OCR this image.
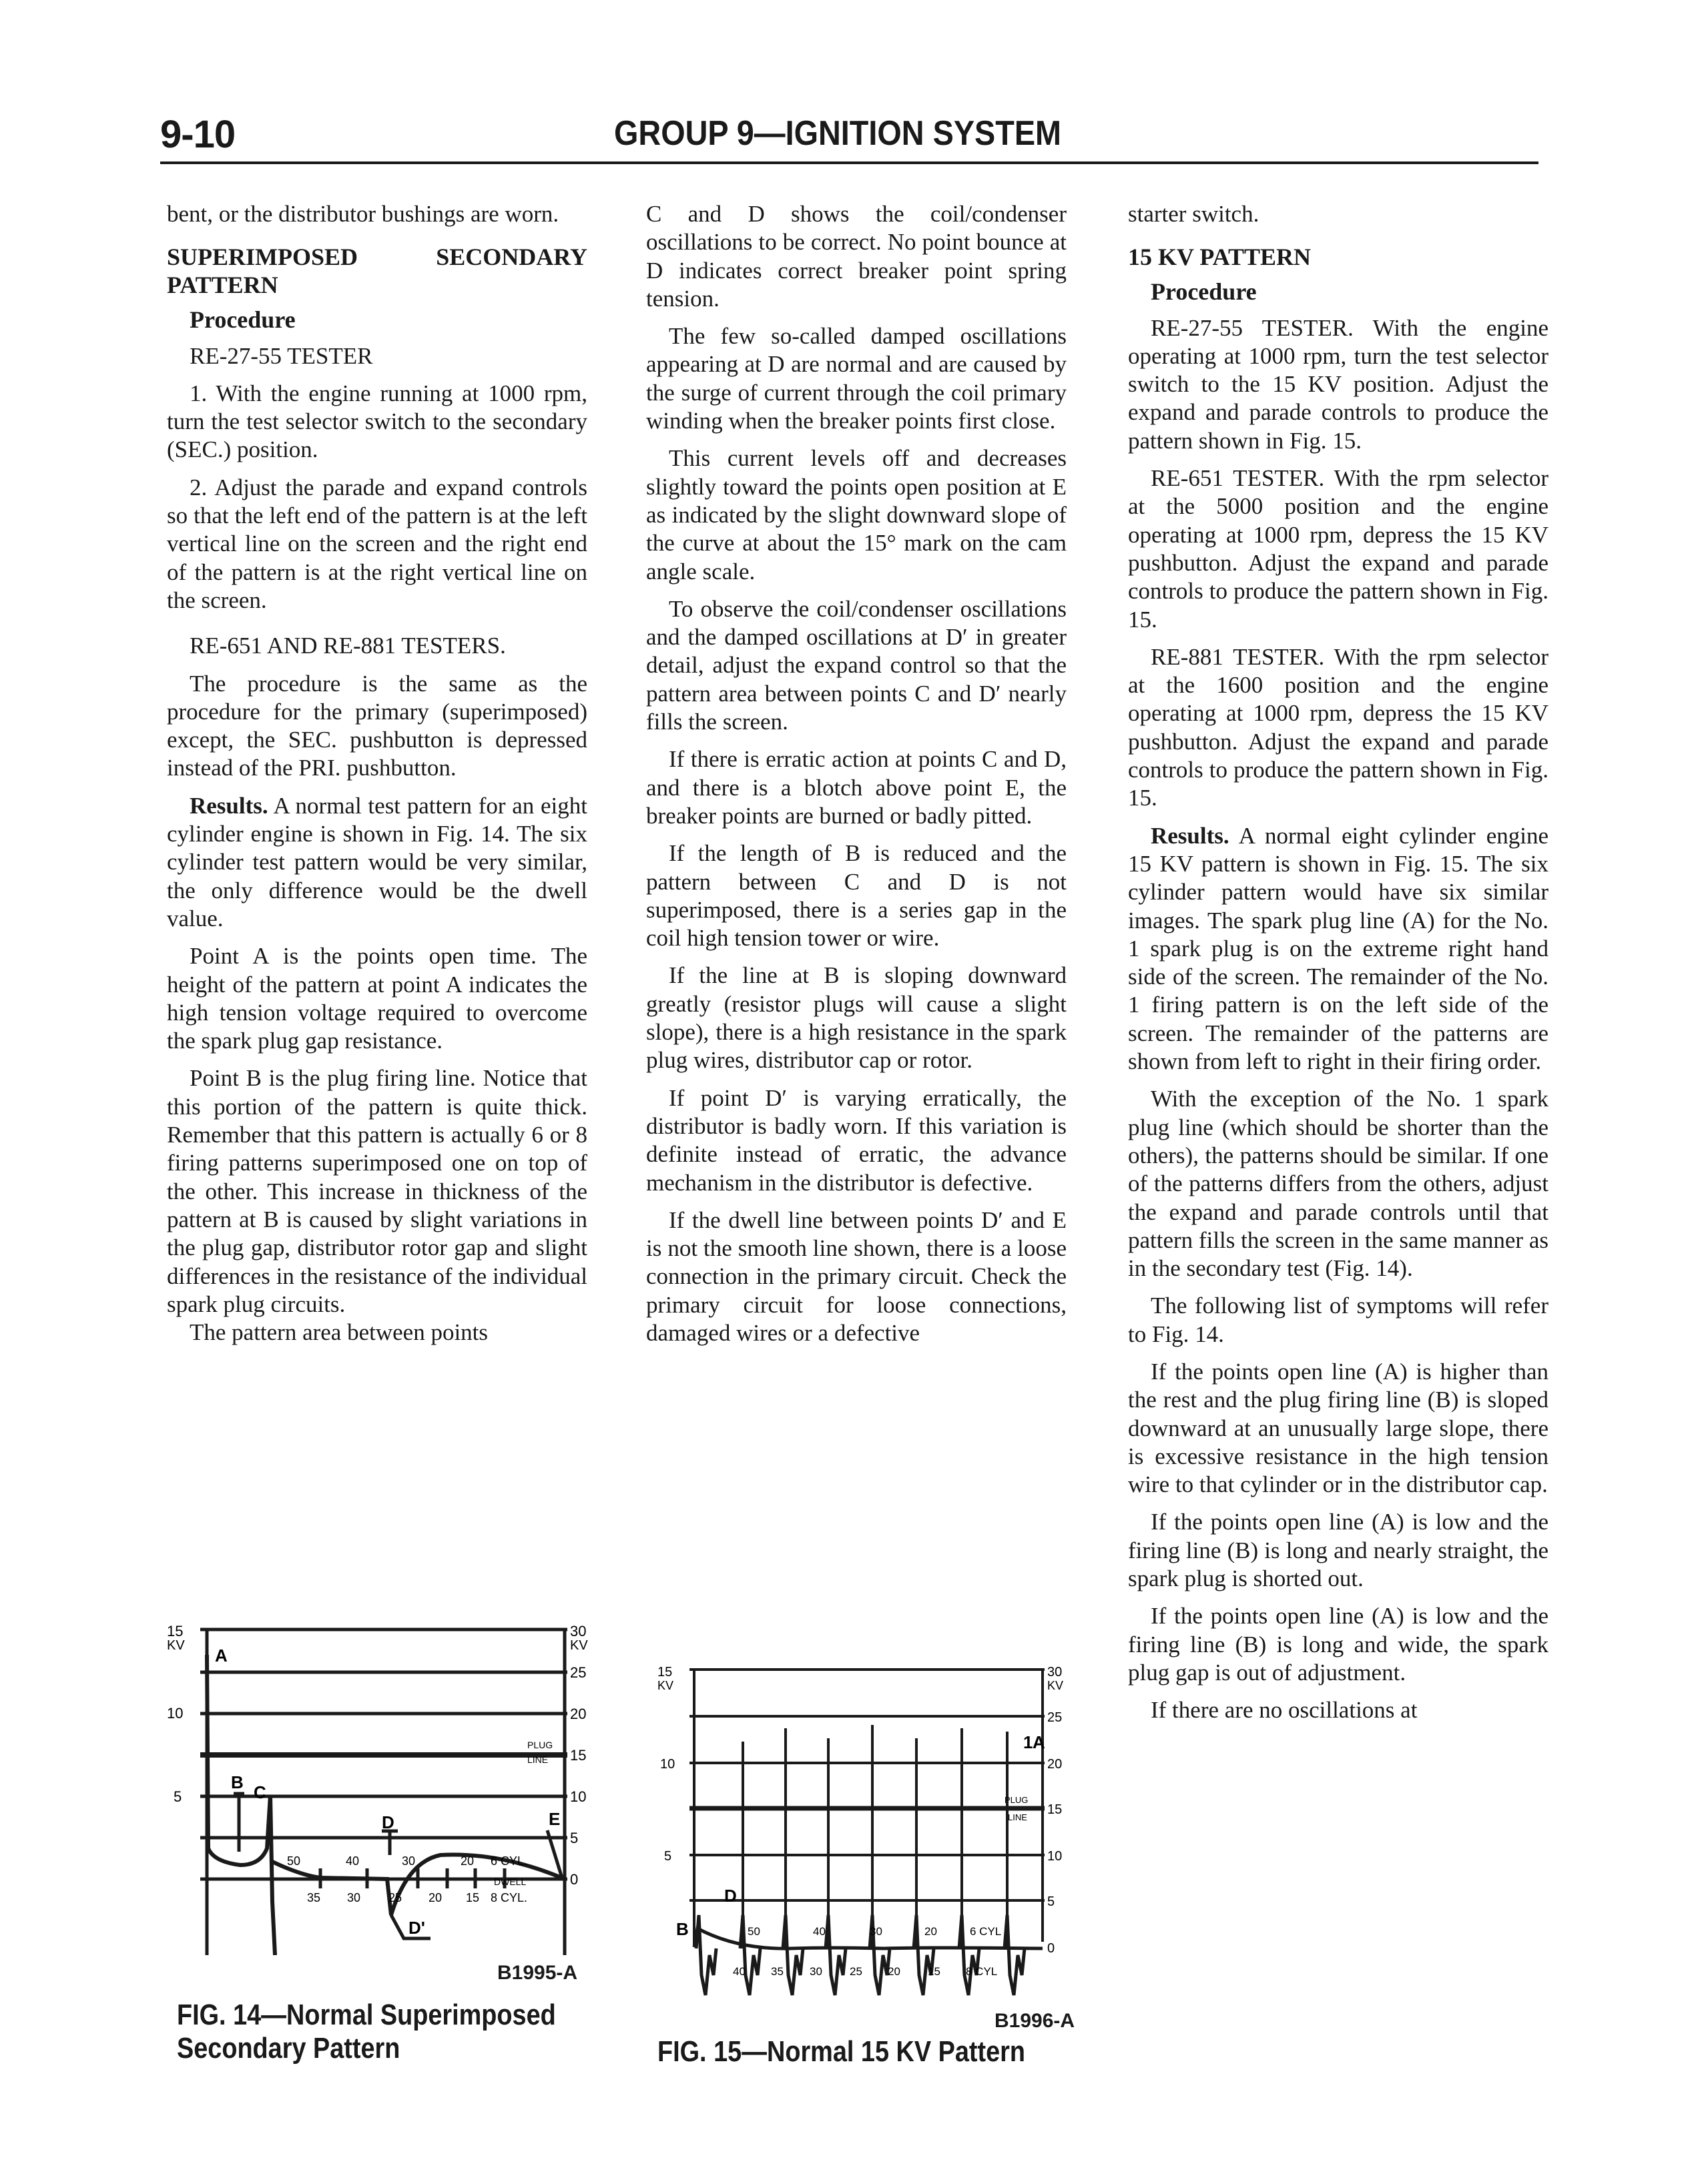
9-10	GROUP 9—IGNITION SYSTEM

bent, or the distributor bushings are worn.

SUPERIMPOSED SECONDARY PATTERN
Procedure

RE-27-55 TESTER

1. With the engine running at 1000 rpm, turn the test selector switch to the secondary (SEC.) position.

2. Adjust the parade and expand controls so that the left end of the pattern is at the left vertical line on the screen and the right end of the pattern is at the right vertical line on the screen.

RE-651 AND RE-881 TESTERS.

The procedure is the same as the procedure for the primary (superimposed) except, the SEC. pushbutton is depressed instead of the PRI. pushbutton.

Results. A normal test pattern for an eight cylinder engine is shown in Fig. 14. The six cylinder test pattern would be very similar, the only difference would be the dwell value.

Point A is the points open time. The height of the pattern at point A indicates the high tension voltage required to overcome the spark plug gap resistance.

Point B is the plug firing line. Notice that this portion of the pattern is quite thick. Remember that this pattern is actually 6 or 8 firing patterns superimposed one on top of the other. This increase in thickness of the pattern at B is caused by slight variations in the plug gap, distributor rotor gap and slight differences in the resistance of the individual spark plug circuits.

The pattern area between points

C and D shows the coil/condenser oscillations to be correct. No point bounce at D indicates correct breaker point spring tension.

The few so-called damped oscillations appearing at D are normal and are caused by the surge of current through the coil primary winding when the breaker points first close.

This current levels off and decreases slightly toward the points open position at E as indicated by the slight downward slope of the curve at about the 15° mark on the cam angle scale.

To observe the coil/condenser oscillations and the damped oscillations at D′ in greater detail, adjust the expand control so that the pattern area between points C and D′ nearly fills the screen.

If there is erratic action at points C and D, and there is a blotch above point E, the breaker points are burned or badly pitted.

If the length of B is reduced and the pattern between C and D is not superimposed, there is a series gap in the coil high tension tower or wire.

If the line at B is sloping downward greatly (resistor plugs will cause a slight slope), there is a high resistance in the spark plug wires, distributor cap or rotor.

If point D′ is varying erratically, the distributor is badly worn. If this variation is definite instead of erratic, the advance mechanism in the distributor is defective.

If the dwell line between points D′ and E is not the smooth line shown, there is a loose connection in the primary circuit. Check the primary circuit for loose connections, damaged wires or a defective

starter switch.

15 KV PATTERN
Procedure

RE-27-55 TESTER. With the engine operating at 1000 rpm, turn the test selector switch to the 15 KV position. Adjust the expand and parade controls to produce the pattern shown in Fig. 15.

RE-651 TESTER. With the rpm selector at the 5000 position and the engine operating at 1000 rpm, depress the 15 KV pushbutton. Adjust the expand and parade controls to produce the pattern shown in Fig. 15.

RE-881 TESTER. With the rpm selector at the 1600 position and the engine operating at 1000 rpm, depress the 15 KV pushbutton. Adjust the expand and parade controls to produce the pattern shown in Fig. 15.

Results. A normal eight cylinder engine 15 KV pattern is shown in Fig. 15. The six cylinder pattern would have six similar images. The spark plug line (A) for the No. 1 spark plug is on the extreme right hand side of the screen. The remainder of the No. 1 firing pattern is on the left side of the screen. The remainder of the patterns are shown from left to right in their firing order.

With the exception of the No. 1 spark plug line (which should be shorter than the others), the patterns should be similar. If one of the patterns differs from the others, adjust the expand and parade controls until that pattern fills the screen in the same manner as in the secondary test (Fig. 14).

The following list of symptoms will refer to Fig. 14.

If the points open line (A) is higher than the rest and the plug firing line (B) is sloped downward at an unusually large slope, there is excessive resistance in the high tension wire to that cylinder or in the distributor cap.

If the points open line (A) is low and the firing line (B) is long and nearly straight, the spark plug is shorted out.

If the points open line (A) is low and the firing line (B) is long and wide, the spark plug gap is out of adjustment.

If there are no oscillations at

15
KV
10
5
30
KV
25
20
15
10
5
0
PLUG
LINE
A
B C
D
D'
E
50	40	30	20 6 CYL.
DWELL
35 30 25 20 15 8 CYL.
B1995-A
FIG. 14—Normal Superimposed
Secondary Pattern
15
KV
10
5
30
KV
25
20
15
10
5
0
PLUG
LINE
1 A
D
B	50	40	30	20	6 CYL
40 35 30 25 20 15 8 CYL
B1996-A
FIG. 15—Normal 15 KV Pattern
